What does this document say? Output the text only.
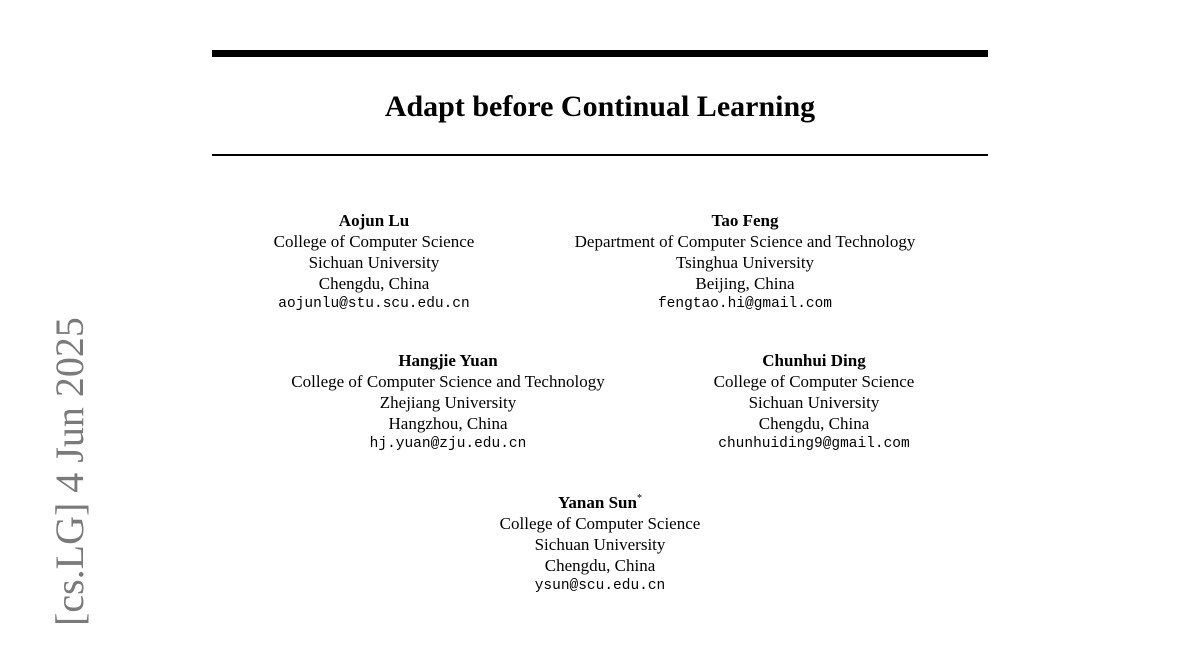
Adapt before Continual Learning
Aojun Lu
College of Computer Science
Sichuan University
Chengdu, China
aojunlu@stu.scu.edu.cn
Tao Feng
Department of Computer Science and Technology
Tsinghua University
Beijing, China
fengtao.hi@gmail.com
Hangjie Yuan
College of Computer Science and Technology
Zhejiang University
Hangzhou, China
hj.yuan@zju.edu.cn
Chunhui Ding
College of Computer Science
Sichuan University
Chengdu, China
chunhuiding9@gmail.com
Yanan Sun*
College of Computer Science
Sichuan University
Chengdu, China
ysun@scu.edu.cn
[cs.LG] 4 Jun 2025
